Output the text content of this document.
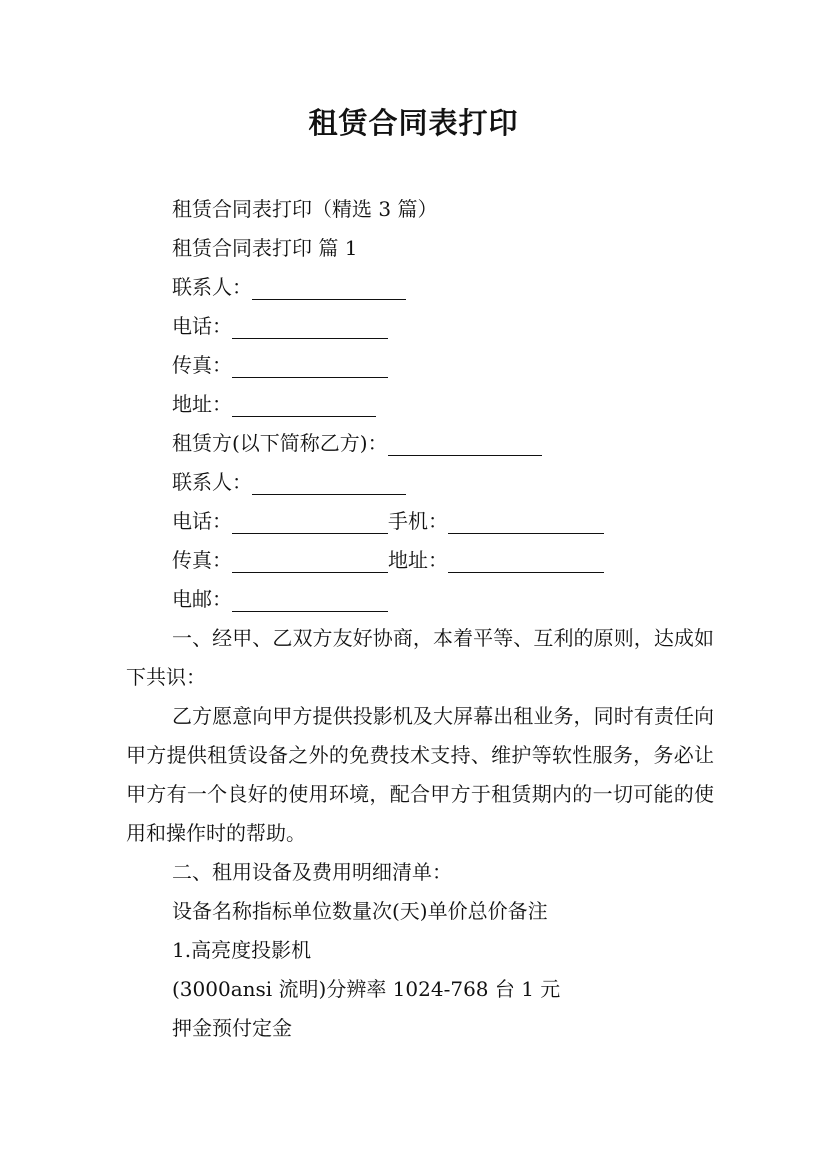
租赁合同表打印

租赁合同表打印（精选 3 篇）

租赁合同表打印 篇 1

联系人：

电话：

传真：

地址：

租赁方(以下简称乙方)：

联系人：

电话：	手机：

传真：	地址：

电邮：

一、经甲、乙双方友好协商，本着平等、互利的原则，达成如下共识：

乙方愿意向甲方提供投影机及大屏幕出租业务，同时有责任向甲方提供租赁设备之外的免费技术支持、维护等软性服务，务必让甲方有一个良好的使用环境，配合甲方于租赁期内的一切可能的使用和操作时的帮助。

二、租用设备及费用明细清单：

设备名称指标单位数量次(天)单价总价备注

1.高亮度投影机

(3000ansi 流明)分辨率 1024-768 台 1 元

押金预付定金
